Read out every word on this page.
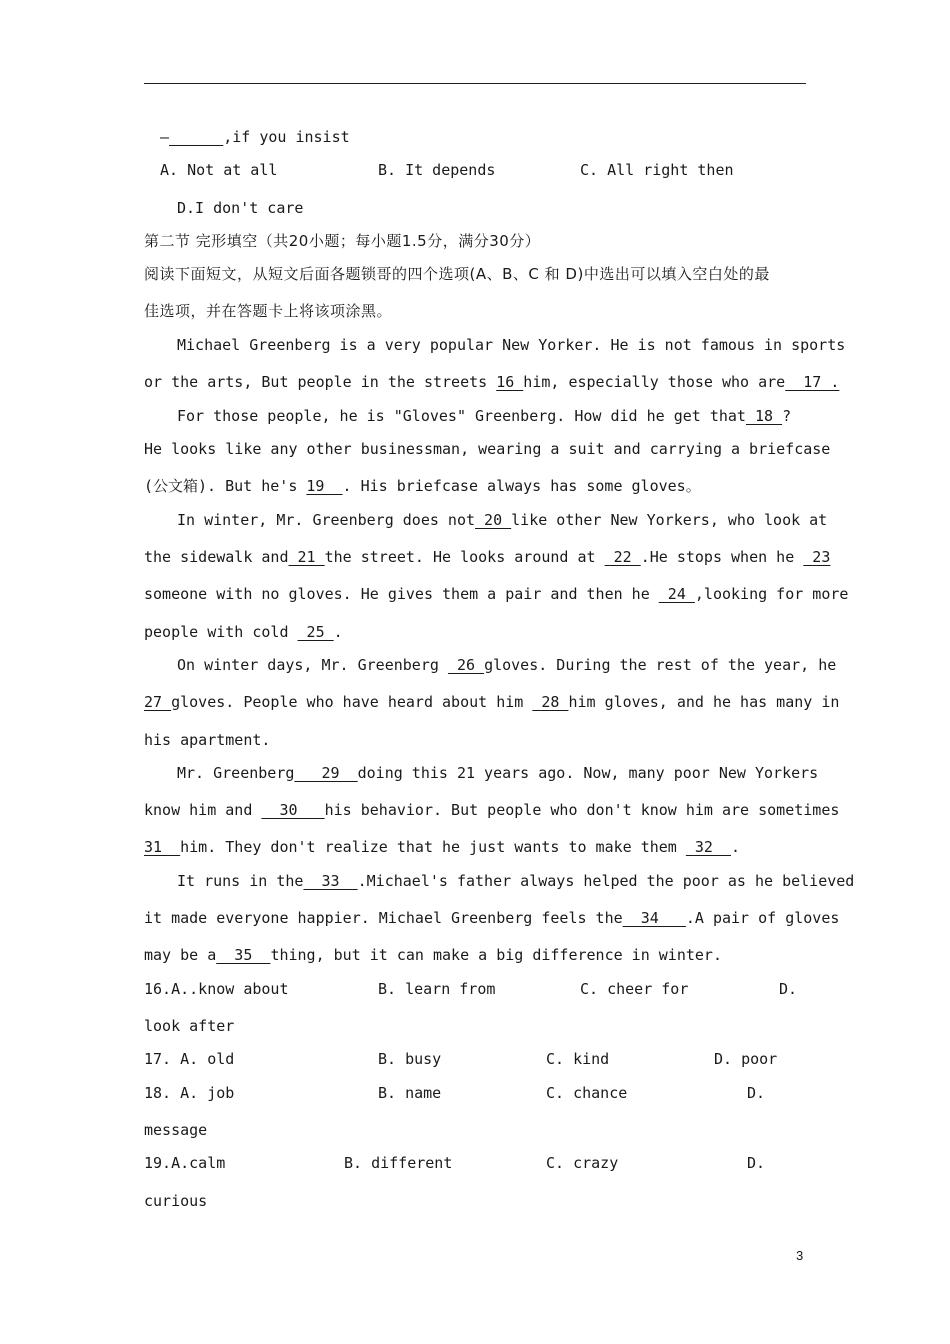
—______,if you insist
A. Not at all	B. It depends	C. All right then
D.I don't care
第二节 完形填空（共20小题；每小题1.5分，满分30分）
阅读下面短文，从短文后面各题锁哥的四个选项(A、B、C 和 D)中选出可以填入空白处的最
佳选项，并在答题卡上将该项涂黑。
Michael Greenberg is a very popular New Yorker. He is not famous in sports
or the arts, But people in the streets 16 him, especially those who are  17 .
For those people, he is "Gloves" Greenberg. How did he get that 18 ?
He looks like any other businessman, wearing a suit and carrying a briefcase
(公文箱). But he's 19  . His briefcase always has some gloves。
In winter, Mr. Greenberg does not 20 like other New Yorkers, who look at
the sidewalk and 21 the street. He looks around at  22 .He stops when he  23
someone with no gloves. He gives them a pair and then he  24 ,looking for more
people with cold  25 .
On winter days, Mr. Greenberg  26 gloves. During the rest of the year, he
27 gloves. People who have heard about him  28 him gloves, and he has many in
his apartment.
Mr. Greenberg   29  doing this 21 years ago. Now, many poor New Yorkers
know him and   30   his behavior. But people who don't know him are sometimes
31  him. They don't realize that he just wants to make them  32  .
It runs in the  33  .Michael's father always helped the poor as he believed
it made everyone happier. Michael Greenberg feels the  34   .A pair of gloves
may be a  35  thing, but it can make a big difference in winter.
16.A..know about	B. learn from	C. cheer for	D.
look after
17. A. old	B. busy	C. kind	D. poor
18. A. job	B. name	C. chance	D.
message
19.A.calm	B. different	C. crazy	D.
curious
3
